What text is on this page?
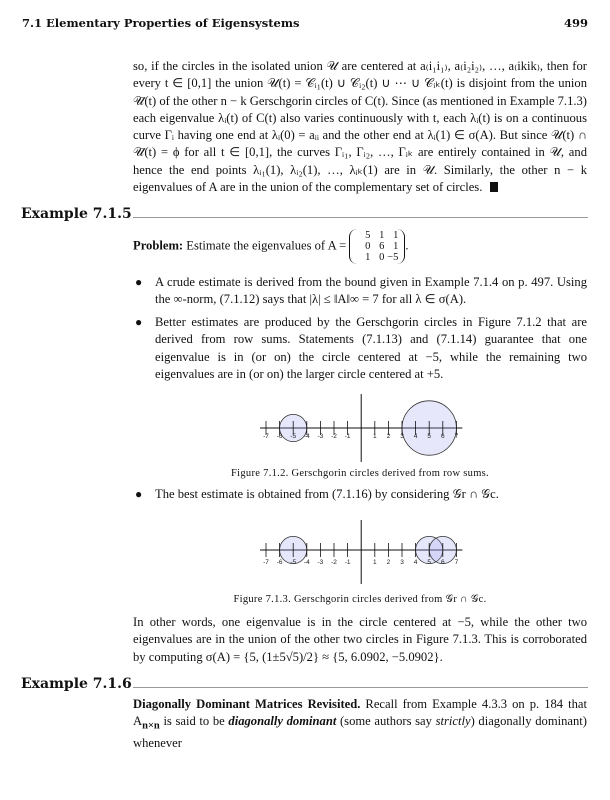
7.1 Elementary Properties of Eigensystems	499
so, if the circles in the isolated union 𝒰 are centered at a₍i₁i₁₎, a₍i₂i₂₎, …, a₍ikik₎, then for every t ∈ [0,1] the union 𝒰(t) = 𝒞ᵢ₁(t) ∪ 𝒞ᵢ₂(t) ∪ ⋯ ∪ 𝒞ᵢₖ(t) is disjoint from the union 𝒰̄(t) of the other n − k Gerschgorin circles of C(t). Since (as mentioned in Example 7.1.3) each eigenvalue λᵢ(t) of C(t) also varies continuously with t, each λᵢ(t) is on a continuous curve Γᵢ having one end at λᵢ(0) = aᵢᵢ and the other end at λᵢ(1) ∈ σ(A). But since 𝒰(t) ∩ 𝒰̄(t) = ϕ for all t ∈ [0,1], the curves Γᵢ₁, Γᵢ₂, …, Γᵢₖ are entirely contained in 𝒰, and hence the end points λᵢ₁(1), λᵢ₂(1), …, λᵢₖ(1) are in 𝒰. Similarly, the other n − k eigenvalues of A are in the union of the complementary set of circles.
Example 7.1.5
Problem: Estimate the eigenvalues of A = 5 1 1
0 6 1
1 0 −5.
● A crude estimate is derived from the bound given in Example 7.1.4 on p. 497. Using the ∞-norm, (7.1.12) says that |λ| ≤ ‖A‖∞ = 7 for all λ ∈ σ(A).
● Better estimates are produced by the Gerschgorin circles in Figure 7.1.2 that are derived from row sums. Statements (7.1.13) and (7.1.14) guarantee that one eigenvalue is in (or on) the circle centered at −5, while the remaining two eigenvalues are in (or on) the larger circle centered at +5.
-7 -6 -5 -4 -3 -2 -1	1 2 3 4 5 6 7
Figure 7.1.2. Gerschgorin circles derived from row sums.
● The best estimate is obtained from (7.1.16) by considering 𝒢r ∩ 𝒢c.
-7 -6 -5 -4 -3 -2 -1	1 2 3 4 5 6 7
Figure 7.1.3. Gerschgorin circles derived from 𝒢r ∩ 𝒢c.
In other words, one eigenvalue is in the circle centered at −5, while the other two eigenvalues are in the union of the other two circles in Figure 7.1.3. This is corroborated by computing σ(A) = {5, (1±5√5)/2} ≈ {5, 6.0902, −5.0902}.
Example 7.1.6
Diagonally Dominant Matrices Revisited. Recall from Example 4.3.3 on p. 184 that $A_{n\times n}$ is said to be diagonally dominant (some authors say strictly) diagonally dominant) whenever
